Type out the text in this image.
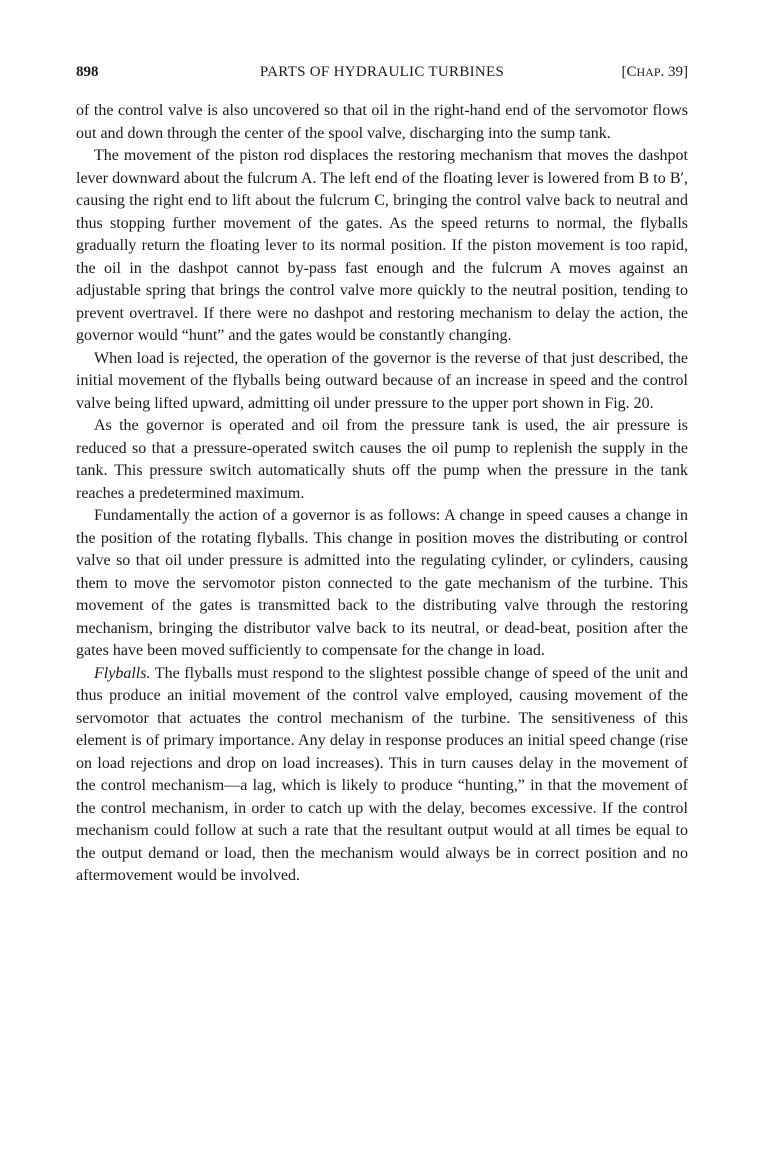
898	PARTS OF HYDRAULIC TURBINES	[CHAP. 39]

of the control valve is also uncovered so that oil in the right-hand end of the servomotor flows out and down through the center of the spool valve, discharging into the sump tank.

The movement of the piston rod displaces the restoring mechanism that moves the dashpot lever downward about the fulcrum A. The left end of the floating lever is lowered from B to B′, causing the right end to lift about the fulcrum C, bringing the control valve back to neutral and thus stopping further movement of the gates. As the speed returns to normal, the flyballs gradually return the floating lever to its normal position. If the piston movement is too rapid, the oil in the dashpot cannot by-pass fast enough and the fulcrum A moves against an adjustable spring that brings the control valve more quickly to the neutral position, tending to prevent overtravel. If there were no dashpot and restoring mechanism to delay the action, the governor would “hunt” and the gates would be constantly changing.

When load is rejected, the operation of the governor is the reverse of that just described, the initial movement of the flyballs being outward because of an increase in speed and the control valve being lifted upward, admitting oil under pressure to the upper port shown in Fig. 20.

As the governor is operated and oil from the pressure tank is used, the air pressure is reduced so that a pressure-operated switch causes the oil pump to replenish the supply in the tank. This pressure switch automatically shuts off the pump when the pressure in the tank reaches a predetermined maximum.

Fundamentally the action of a governor is as follows: A change in speed causes a change in the position of the rotating flyballs. This change in position moves the distributing or control valve so that oil under pressure is admitted into the regulating cylinder, or cylinders, causing them to move the servomotor piston connected to the gate mechanism of the turbine. This movement of the gates is transmitted back to the distributing valve through the restoring mechanism, bringing the distributor valve back to its neutral, or dead-beat, position after the gates have been moved sufficiently to compensate for the change in load.

Flyballs. The flyballs must respond to the slightest possible change of speed of the unit and thus produce an initial movement of the control valve employed, causing movement of the servomotor that actuates the control mechanism of the turbine. The sensitiveness of this element is of primary importance. Any delay in response produces an initial speed change (rise on load rejections and drop on load increases). This in turn causes delay in the movement of the control mechanism—a lag, which is likely to produce “hunting,” in that the movement of the control mechanism, in order to catch up with the delay, becomes excessive. If the control mechanism could follow at such a rate that the resultant output would at all times be equal to the output demand or load, then the mechanism would always be in correct position and no aftermovement would be involved.
